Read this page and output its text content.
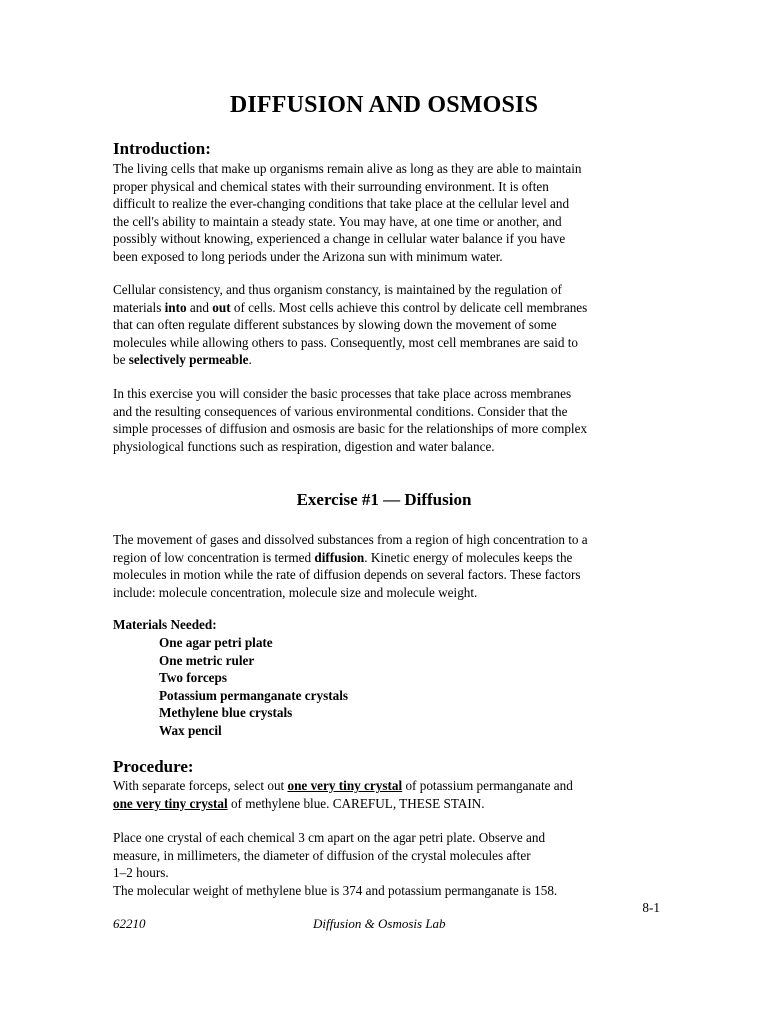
DIFFUSION AND OSMOSIS
Introduction:

The living cells that make up organisms remain alive as long as they are able to maintain
proper physical and chemical states with their surrounding environment. It is often
difficult to realize the ever-changing conditions that take place at the cellular level and
the cell's ability to maintain a steady state. You may have, at one time or another, and
possibly without knowing, experienced a change in cellular water balance if you have
been exposed to long periods under the Arizona sun with minimum water.

Cellular consistency, and thus organism constancy, is maintained by the regulation of
materials into and out of cells. Most cells achieve this control by delicate cell membranes
that can often regulate different substances by slowing down the movement of some
molecules while allowing others to pass. Consequently, most cell membranes are said to
be selectively permeable.

In this exercise you will consider the basic processes that take place across membranes
and the resulting consequences of various environmental conditions. Consider that the
simple processes of diffusion and osmosis are basic for the relationships of more complex
physiological functions such as respiration, digestion and water balance.

Exercise #1 — Diffusion

The movement of gases and dissolved substances from a region of high concentration to a
region of low concentration is termed diffusion. Kinetic energy of molecules keeps the
molecules in motion while the rate of diffusion depends on several factors. These factors
include: molecule concentration, molecule size and molecule weight.

Materials Needed:
One agar petri plate
One metric ruler
Two forceps
Potassium permanganate crystals
Methylene blue crystals
Wax pencil
Procedure:

With separate forceps, select out one very tiny crystal of potassium permanganate and
one very tiny crystal of methylene blue. CAREFUL, THESE STAIN.

Place one crystal of each chemical 3 cm apart on the agar petri plate. Observe and
measure, in millimeters, the diameter of diffusion of the crystal molecules after
1–2 hours.
The molecular weight of methylene blue is 374 and potassium permanganate is 158.

8-1
62210	Diffusion & Osmosis Lab
